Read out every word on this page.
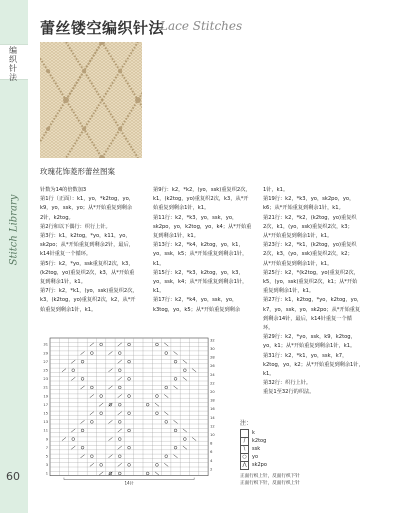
编织针法
Stitch Library
60
蕾丝镂空编织针法
Lace Stitches
玫瑰花饰菱形蕾丝图案
针数为14的倍数加3
第1行（正面）：k1，yo，*k2tog，yo，
k9，yo，ssk，yo；从*开始重复到剩余
2针，k2tog。
第2行和以下偶行：织行上针。
第3行：k1，k2tog，*yo，k11，yo，
sk2po；从*开始重复到剩余2针，最后，
k14针重复一个循环。
第5行：k2，*yo，ssk重复织2次，k3，
(k2tog，yo)重复织2次，k3，从*开始重
复到剩余1针，k1。
第7行：k2，*k1，(yo，ssk)重复织2次，
k3，(k2tog，yo)重复织2次，k2，从*开
始重复到剩余1针，k1。
第9行：k2，*k2，(yo，ssk)重复织2次，
k1，(k2tog，yo)重复织2次，k3，从*开
始重复到剩余1针，k1。
第11行：k2，*k3，yo，ssk，yo，
sk2po，yo，k2tog，yo，k4；从*开始重
复到剩余1针，k1。
第13行：k2，*k4，k2tog，yo，k1，
yo，ssk，k5；从*开始重复到剩余1针，
k1。
第15行：k2，*k3，k2tog，yo，k3，
yo，ssk，k4；从*开始重复到剩余1针，
k1。
第17行：k2，*k4，yo，ssk，yo，
k3tog，yo，k5；从*开始重复到剩余
1针，k1。
第19行：k2，*k3，yo，sk2po，yo，
k6；从*开始重复到剩余1针，k1。
第21行：k2，*k2，(k2tog，yo)重复织
2次，k1，(yo，ssk)重复织2次，k3；
从*开始重复到剩余1针，k1。
第23行：k2，*k1，(k2tog，yo)重复织
2次，k3，(yo，ssk)重复织2次，k2；
从*开始重复到剩余1针，k1。
第25行：k2，*(k2tog，yo)重复织2次，
k5，(yo，ssk)重复织2次，k1；从*开始
重复到剩余1针，k1。
第27行：k1，k2tog，*yo，k2tog，yo，
k7，yo，ssk，yo，sk2po；从*开始重复
到剩余14针，最后，k14针重复一个循
环。
第29行：k2，*yo，ssk，k9，k2tog，
yo，k1；从*开始重复到剩余1针，k1。
第31行：k2，*k1，yo，ssk，k7，
k2tog，yo，k2；从*开始重复到剩余1针，
k1。
第32行：织行上针。
重复1至32行的织法。
31
29
27
25
23
21
19
17
15
13
11
9
7
5
3
1
32
30
28
26
24
22
20
18
16
14
12
10
8
6
4
2
14针
注：
k
/	k2tog
\	ssk
○	yo
⋀	sk2po
正面行织上针，反面行织下针
正面行织下针，反面行织上针
